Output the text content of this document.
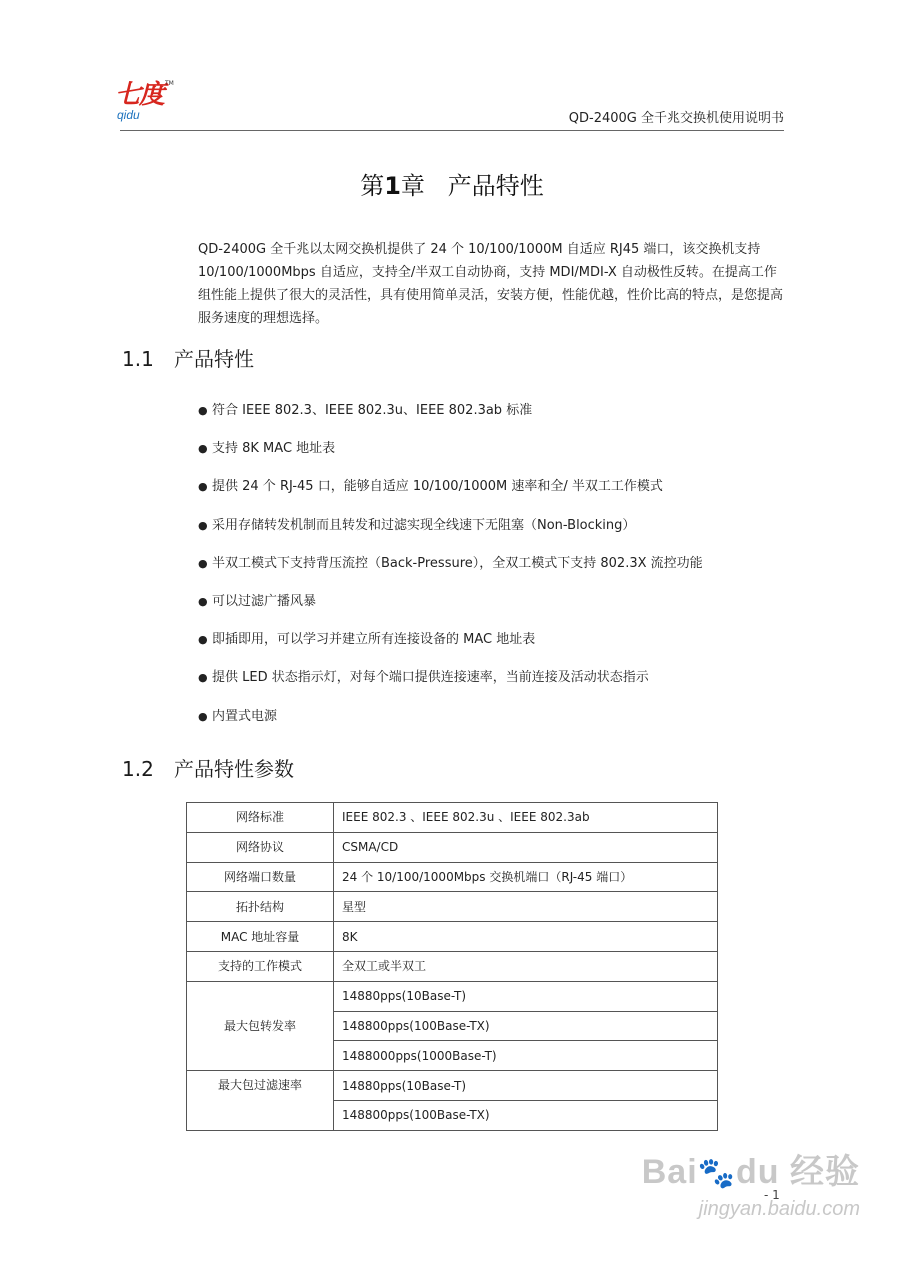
七度 TM
qidu	QD-2400G 全千兆交换机使用说明书
第1章 产品特性

QD-2400G 全千兆以太网交换机提供了 24 个 10/100/1000M 自适应 RJ45 端口，该交换机支持 10/100/1000Mbps 自适应，支持全/半双工自动协商，支持 MDI/MDI-X 自动极性反转。在提高工作组性能上提供了很大的灵活性，具有使用简单灵活，安装方便，性能优越，性价比高的特点，是您提高服务速度的理想选择。

1.1 产品特性
● 符合 IEEE 802.3、IEEE 802.3u、IEEE 802.3ab 标准
● 支持 8K MAC 地址表
● 提供 24 个 RJ-45 口，能够自适应 10/100/1000M 速率和全/ 半双工工作模式
● 采用存储转发机制而且转发和过滤实现全线速下无阻塞（Non-Blocking）
● 半双工模式下支持背压流控（Back-Pressure），全双工模式下支持 802.3X 流控功能
● 可以过滤广播风暴
● 即插即用，可以学习并建立所有连接设备的 MAC 地址表
● 提供 LED 状态指示灯，对每个端口提供连接速率，当前连接及活动状态指示
● 内置式电源
1.2 产品特性参数
网络标准	IEEE 802.3 、IEEE 802.3u 、IEEE 802.3ab
网络协议	CSMA/CD
网络端口数量	24 个 10/100/1000Mbps 交换机端口（RJ-45 端口）
拓扑结构	星型
MAC 地址容量	8K
支持的工作模式	全双工或半双工
最大包转发率	14880pps(10Base-T)
	148800pps(100Base-TX)
	1488000pps(1000Base-T)
最大包过滤速率	14880pps(10Base-T)
	148800pps(100Base-TX)
- 1
Bai🐾du 经验
jingyan.baidu.com
